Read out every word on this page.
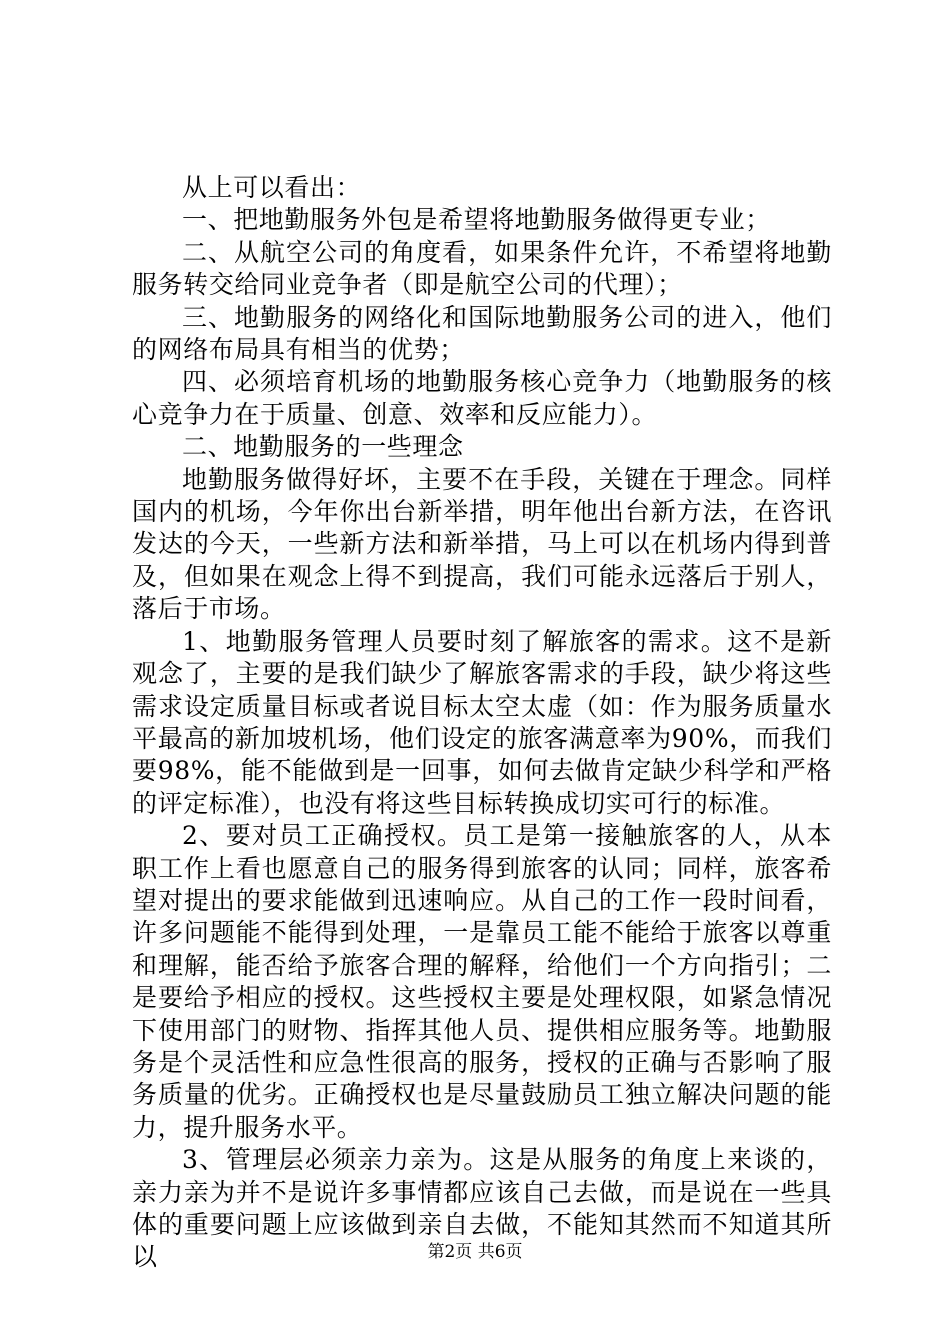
从上可以看出：

一、把地勤服务外包是希望将地勤服务做得更专业；

二、从航空公司的角度看，如果条件允许，不希望将地勤服务转交给同业竞争者（即是航空公司的代理）；

三、地勤服务的网络化和国际地勤服务公司的进入，他们的网络布局具有相当的优势；

四、必须培育机场的地勤服务核心竞争力（地勤服务的核心竞争力在于质量、创意、效率和反应能力）。

二、地勤服务的一些理念

地勤服务做得好坏，主要不在手段，关键在于理念。同样国内的机场，今年你出台新举措，明年他出台新方法，在咨讯发达的今天，一些新方法和新举措，马上可以在机场内得到普及，但如果在观念上得不到提高，我们可能永远落后于别人，落后于市场。

1、地勤服务管理人员要时刻了解旅客的需求。这不是新观念了，主要的是我们缺少了解旅客需求的手段，缺少将这些需求设定质量目标或者说目标太空太虚（如：作为服务质量水平最高的新加坡机场，他们设定的旅客满意率为90%，而我们要98%，能不能做到是一回事，如何去做肯定缺少科学和严格的评定标准），也没有将这些目标转换成切实可行的标准。

2、要对员工正确授权。员工是第一接触旅客的人，从本职工作上看也愿意自己的服务得到旅客的认同；同样，旅客希望对提出的要求能做到迅速响应。从自己的工作一段时间看，许多问题能不能得到处理，一是靠员工能不能给于旅客以尊重和理解，能否给予旅客合理的解释，给他们一个方向指引；二是要给予相应的授权。这些授权主要是处理权限，如紧急情况下使用部门的财物、指挥其他人员、提供相应服务等。地勤服务是个灵活性和应急性很高的服务，授权的正确与否影响了服务质量的优劣。正确授权也是尽量鼓励员工独立解决问题的能力，提升服务水平。

3、管理层必须亲力亲为。这是从服务的角度上来谈的，亲力亲为并不是说许多事情都应该自己去做，而是说在一些具体的重要问题上应该做到亲自去做，不能知其然而不知道其所以	第2页 共6页
